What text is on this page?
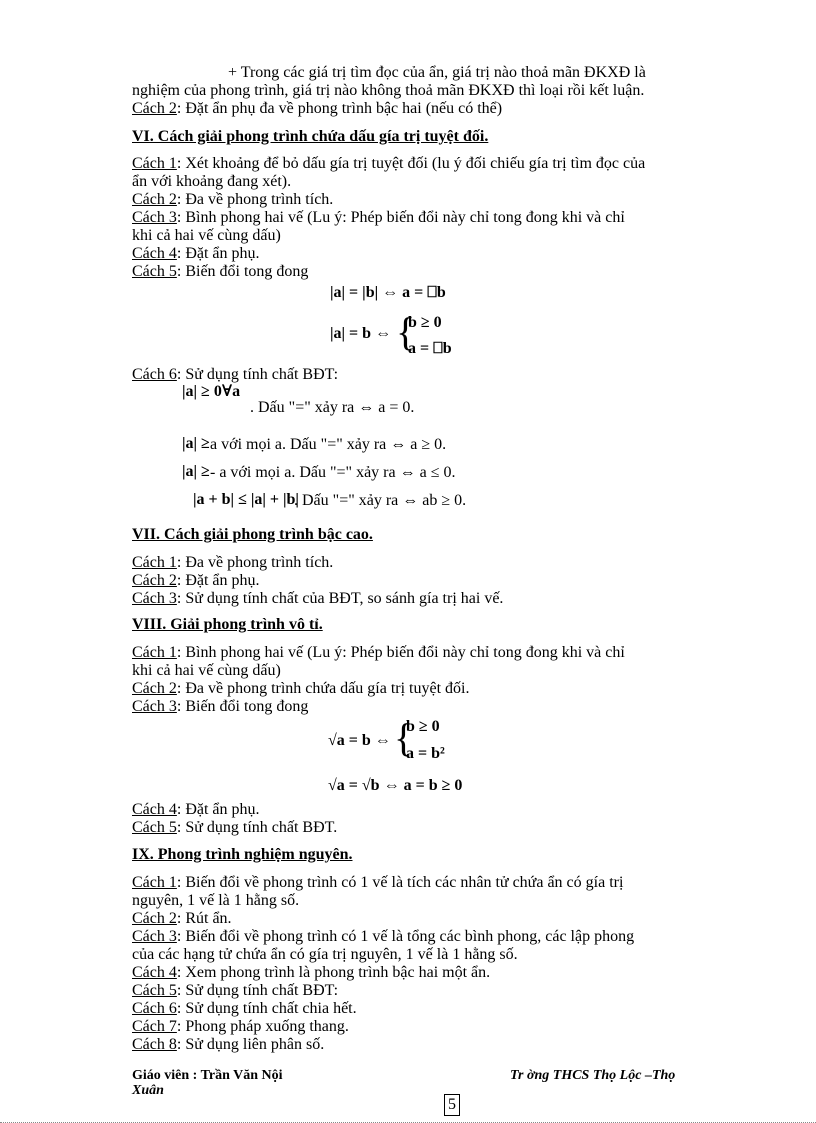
+ Trong các giá trị tìm đọc của ẩn, giá trị nào thoả mãn ĐKXĐ là
nghiệm của phong trình, giá trị nào không thoả mãn ĐKXĐ thì loại rồi kết luận.
Cách 2: Đặt ẩn phụ đa về phong trình bậc hai (nếu có thể)
VI. Cách giải phong trình chứa dấu gía trị tuyệt đối.
Cách 1: Xét khoảng để bỏ dấu gía trị tuyệt đối (lu ý đối chiếu gía trị tìm đọc của
ẩn với khoảng đang xét).
Cách 2: Đa về phong trình tích.
Cách 3: Bình phong hai vế (Lu ý: Phép biến đổi này chỉ tong đong khi và chỉ
khi cả hai vế cùng dấu)
Cách 4: Đặt ẩn phụ.
Cách 5: Biến đổi tong đong
|a| = |b| ⇔ a = ⎕b
|a| = b ⇔ {
b ≥ 0
a = ⎕b
Cách 6: Sử dụng tính chất BĐT:
|a| ≥ 0∀a
. Dấu "=" xảy ra ⇔ a = 0.
|a| ≥ a với mọi a. Dấu "=" xảy ra ⇔ a ≥ 0.
|a| ≥ - a với mọi a. Dấu "=" xảy ra ⇔ a ≤ 0.
|a + b| ≤ |a| + |b|
. Dấu "=" xảy ra ⇔ ab ≥ 0.
VII. Cách giải phong trình bậc cao.
Cách 1: Đa về phong trình tích.
Cách 2: Đặt ẩn phụ.
Cách 3: Sử dụng tính chất của BĐT, so sánh gía trị hai vế.
VIII. Giải phong trình vô tỉ.
Cách 1: Bình phong hai vế (Lu ý: Phép biến đổi này chỉ tong đong khi và chỉ
khi cả hai vế cùng dấu)
Cách 2: Đa về phong trình chứa dấu gía trị tuyệt đối.
Cách 3: Biến đổi tong đong
√a = b ⇔ {
b ≥ 0
a = b²
√a = √b ⇔ a = b ≥ 0
Cách 4: Đặt ẩn phụ.
Cách 5: Sử dụng tính chất BĐT.
IX. Phong trình nghiệm nguyên.
Cách 1: Biến đổi về phong trình có 1 vế là tích các nhân tử chứa ẩn có gía trị
nguyên, 1 vế là 1 hằng số.
Cách 2: Rút ẩn.
Cách 3: Biến đổi về phong trình có 1 vế là tổng các bình phong, các lập phong
của các hạng tử chứa ẩn có gía trị nguyên, 1 vế là 1 hằng số.
Cách 4: Xem phong trình là phong trình bậc hai một ẩn.
Cách 5: Sử dụng tính chất BĐT:
Cách 6: Sử dụng tính chất chia hết.
Cách 7: Phong pháp xuống thang.
Cách 8: Sử dụng liên phân số.
Giáo viên : Trần Văn Nội
Xuân
Tr ờng THCS Thọ Lộc –Thọ
5
